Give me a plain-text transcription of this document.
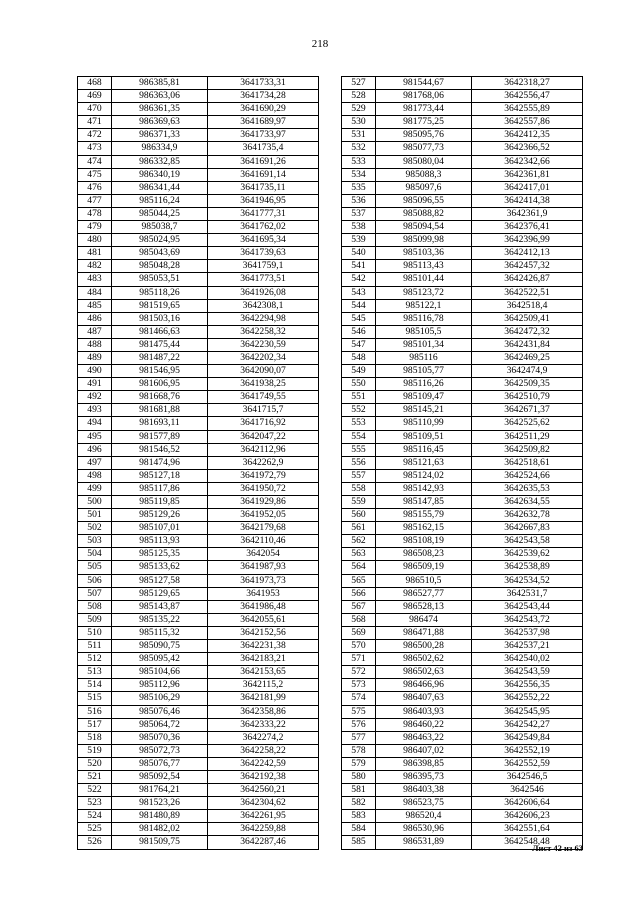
218
468	986385,81	3641733,31
469	986363,06	3641734,28
470	986361,35	3641690,29
471	986369,63	3641689,97
472	986371,33	3641733,97
473	986334,9	3641735,4
474	986332,85	3641691,26
475	986340,19	3641691,14
476	986341,44	3641735,11
477	985116,24	3641946,95
478	985044,25	3641777,31
479	985038,7	3641762,02
480	985024,95	3641695,34
481	985043,69	3641739,63
482	985048,28	3641759,1
483	985053,51	3641773,51
484	985118,26	3641926,08
485	981519,65	3642308,1
486	981503,16	3642294,98
487	981466,63	3642258,32
488	981475,44	3642230,59
489	981487,22	3642202,34
490	981546,95	3642090,07
491	981606,95	3641938,25
492	981668,76	3641749,55
493	981681,88	3641715,7
494	981693,11	3641716,92
495	981577,89	3642047,22
496	981546,52	3642112,96
497	981474,96	3642262,9
498	985127,18	3641972,79
499	985117,86	3641950,72
500	985119,85	3641929,86
501	985129,26	3641952,05
502	985107,01	3642179,68
503	985113,93	3642110,46
504	985125,35	3642054
505	985133,62	3641987,93
506	985127,58	3641973,73
507	985129,65	3641953
508	985143,87	3641986,48
509	985135,22	3642055,61
510	985115,32	3642152,56
511	985090,75	3642231,38
512	985095,42	3642183,21
513	985104,66	3642153,65
514	985112,96	3642115,2
515	985106,29	3642181,99
516	985076,46	3642358,86
517	985064,72	3642333,22
518	985070,36	3642274,2
519	985072,73	3642258,22
520	985076,77	3642242,59
521	985092,54	3642192,38
522	981764,21	3642560,21
523	981523,26	3642304,62
524	981480,89	3642261,95
525	981482,02	3642259,88
526	981509,75	3642287,46
527	981544,67	3642318,27
528	981768,06	3642556,47
529	981773,44	3642555,89
530	981775,25	3642557,86
531	985095,76	3642412,35
532	985077,73	3642366,52
533	985080,04	3642342,66
534	985088,3	3642361,81
535	985097,6	3642417,01
536	985096,55	3642414,38
537	985088,82	3642361,9
538	985094,54	3642376,41
539	985099,98	3642396,99
540	985103,36	3642412,13
541	985113,43	3642457,32
542	985101,44	3642426,87
543	985123,72	3642522,51
544	985122,1	3642518,4
545	985116,78	3642509,41
546	985105,5	3642472,32
547	985101,34	3642431,84
548	985116	3642469,25
549	985105,77	3642474,9
550	985116,26	3642509,35
551	985109,47	3642510,79
552	985145,21	3642671,37
553	985110,99	3642525,62
554	985109,51	3642511,29
555	985116,45	3642509,82
556	985121,63	3642518,61
557	985124,02	3642524,66
558	985142,93	3642635,53
559	985147,85	3642634,55
560	985155,79	3642632,78
561	985162,15	3642667,83
562	985108,19	3642543,58
563	986508,23	3642539,62
564	986509,19	3642538,89
565	986510,5	3642534,52
566	986527,77	3642531,7
567	986528,13	3642543,44
568	986474	3642543,72
569	986471,88	3642537,98
570	986500,28	3642537,21
571	986502,62	3642540,02
572	986502,63	3642543,59
573	986466,96	3642556,35
574	986407,63	3642552,22
575	986403,93	3642545,95
576	986460,22	3642542,27
577	986463,22	3642549,84
578	986407,02	3642552,19
579	986398,85	3642552,59
580	986395,73	3642546,5
581	986403,38	3642546
582	986523,75	3642606,64
583	986520,4	3642606,23
584	986530,96	3642551,64
585	986531,89	3642548,48
Лист 42 из 63
